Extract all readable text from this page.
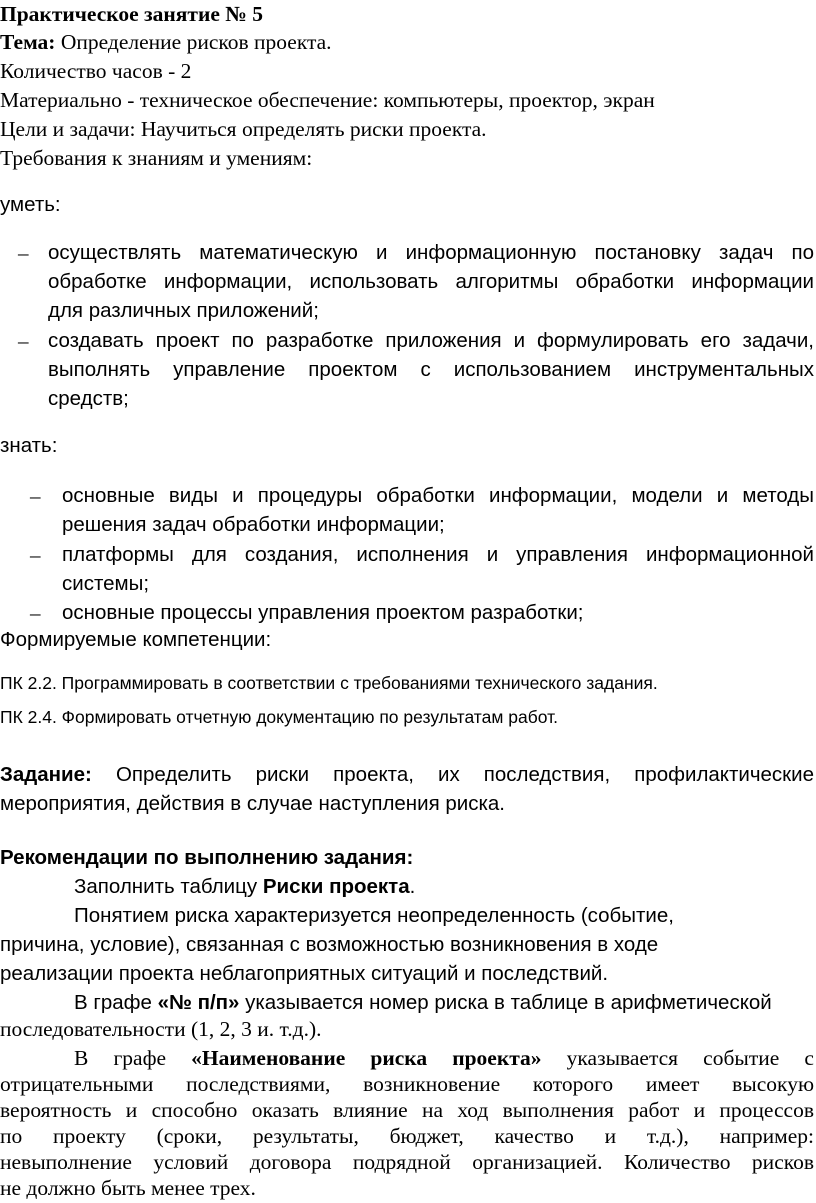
Практическое занятие № 5
Тема: Определение рисков проекта.
Количество часов - 2
Материально - техническое обеспечение: компьютеры, проектор, экран
Цели и задачи: Научиться определять риски проекта.
Требования к знаниям и умениям:
уметь:
– осуществлять математическую и информационную постановку задач по
обработке информации, использовать алгоритмы обработки информации
для различных приложений;
– создавать проект по разработке приложения и формулировать его задачи,
выполнять управление проектом с использованием инструментальных
средств;
знать:
– основные виды и процедуры обработки информации, модели и методы
решения задач обработки информации;
– платформы для создания, исполнения и управления информационной
системы;
– основные процессы управления проектом разработки;
Формируемые компетенции:
ПК 2.2. Программировать в соответствии с требованиями технического задания.
ПК 2.4. Формировать отчетную документацию по результатам работ.
Задание: Определить риски проекта, их последствия, профилактические
мероприятия, действия в случае наступления риска.
Рекомендации по выполнению задания:
Заполнить таблицу Риски проекта.
Понятием риска характеризуется неопределенность (событие,
причина, условие), связанная с возможностью возникновения в ходе
реализации проекта неблагоприятных ситуаций и последствий.
В графе «№ п/п» указывается номер риска в таблице в арифметической
последовательности (1, 2, 3 и. т.д.).
В графе «Наименование риска проекта» указывается событие с
отрицательными последствиями, возникновение которого имеет высокую
вероятность и способно оказать влияние на ход выполнения работ и процессов
по проекту (сроки, результаты, бюджет, качество и т.д.), например:
невыполнение условий договора подрядной организацией. Количество рисков
не должно быть менее трех.
